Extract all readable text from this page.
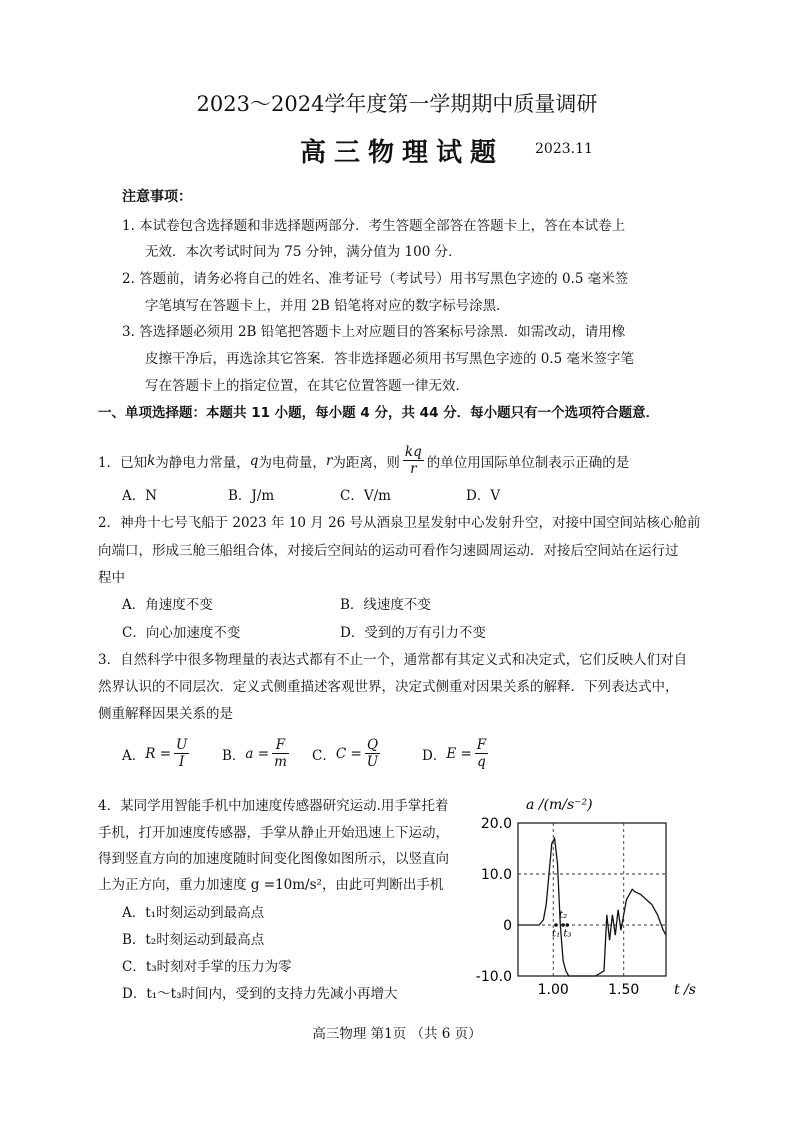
2023～2024学年度第一学期期中质量调研
高三物理试题 2023.11
注意事项：
1. 本试卷包含选择题和非选择题两部分．考生答题全部答在答题卡上，答在本试卷上
无效．本次考试时间为 75 分钟，满分值为 100 分．
2. 答题前，请务必将自己的姓名、准考证号（考试号）用书写黑色字迹的 0.5 毫米签
字笔填写在答题卡上，并用 2B 铅笔将对应的数字标号涂黑．
3. 答选择题必须用 2B 铅笔把答题卡上对应题目的答案标号涂黑．如需改动，请用橡
皮擦干净后，再选涂其它答案．答非选择题必须用书写黑色字迹的 0.5 毫米签字笔
写在答题卡上的指定位置，在其它位置答题一律无效．
一、单项选择题：本题共 11 小题，每小题 4 分，共 44 分．每小题只有一个选项符合题意．
1．已知 k 为静电力常量， q 为电荷量， r 为距离，则 $\frac{kq}{r}$ 的单位用国际单位制表示正确的是
A．N	B．J/m	C．V/m	D．V
2．神舟十七号飞船于 2023 年 10 月 26 号从酒泉卫星发射中心发射升空，对接中国空间站核心舱前
向端口，形成三舱三船组合体，对接后空间站的运动可看作匀速圆周运动．对接后空间站在运行过
程中
A．角速度不变	B．线速度不变
C．向心加速度不变	D．受到的万有引力不变
3．自然科学中很多物理量的表达式都有不止一个，通常都有其定义式和决定式，它们反映人们对自
然界认识的不同层次．定义式侧重描述客观世界，决定式侧重对因果关系的解释．下列表达式中，
侧重解释因果关系的是
A． $R = \frac{U}{I}$ B． $a = \frac{F}{m}$ C． $C = \frac{Q}{U}$	D． $E = \frac{F}{q}$
4．某同学用智能手机中加速度传感器研究运动.用手掌托着
手机，打开加速度传感器，手掌从静止开始迅速上下运动，
得到竖直方向的加速度随时间变化图像如图所示，以竖直向
上为正方向，重力加速度 g =10m/s²，由此可判断出手机
A．t₁时刻运动到最高点
B．t₂时刻运动到最高点
C．t₃时刻对手掌的压力为零
D．t₁～t₃时间内，受到的支持力先减小再增大
20.0
10.0
0
-10.0
1.00	1.50
a /(m/s⁻²)
t /s
t₁
t₂
t₃
高三物理 第1页 （共 6 页）
